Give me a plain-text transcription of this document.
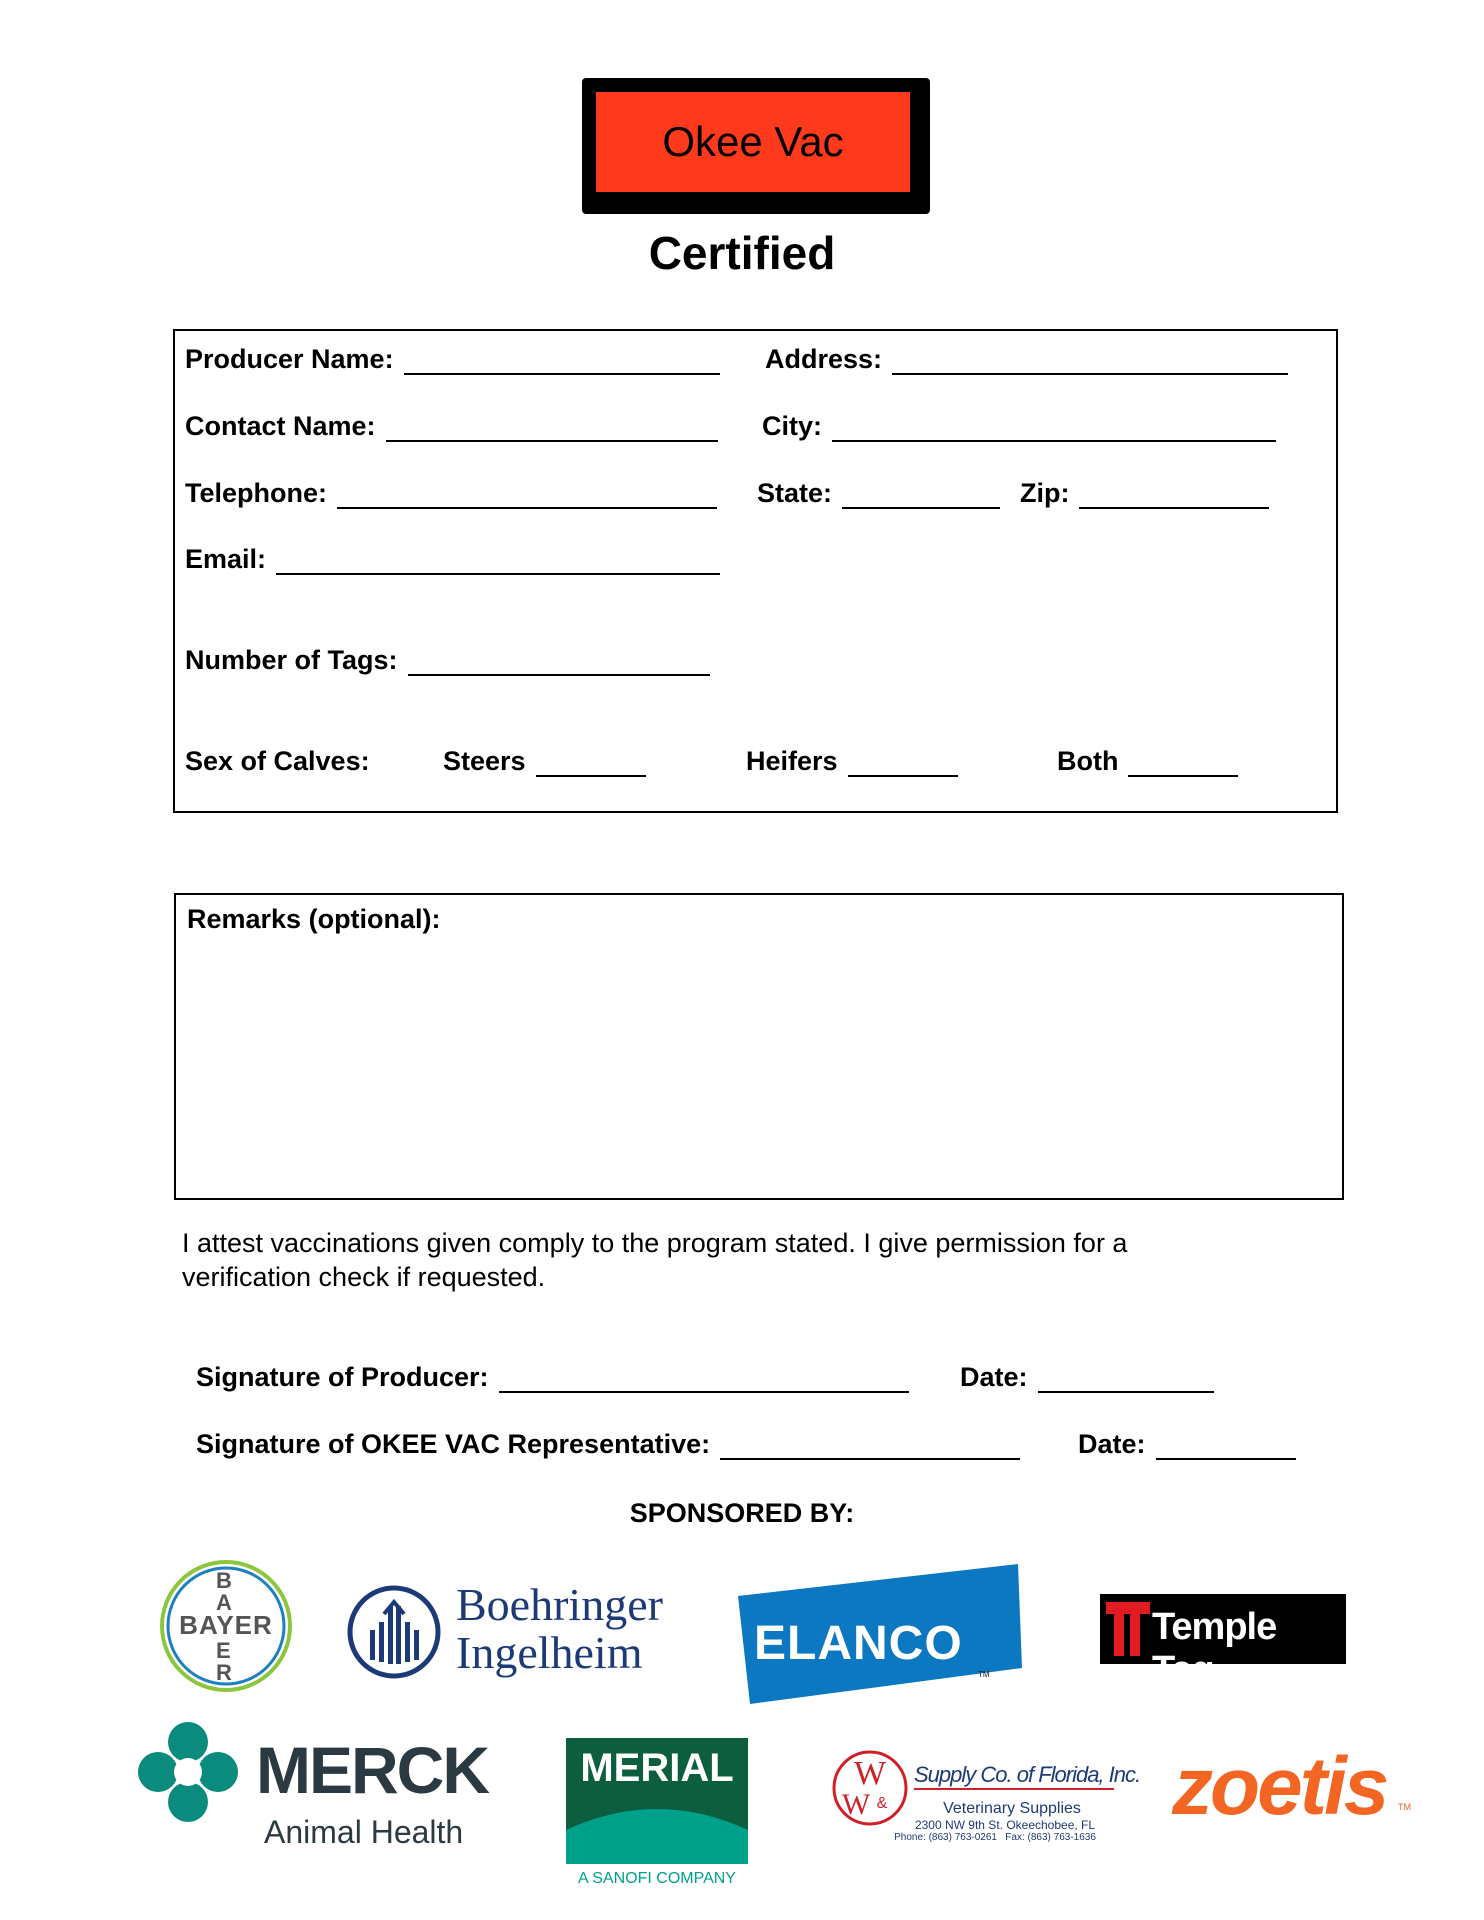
Okee Vac
Certified
Producer Name:	Address:
Contact Name:	City:
Telephone:	State:	Zip:
Email:
Number of Tags:
Sex of Calves:	Steers	Heifers	Both
Remarks (optional):
I attest vaccinations given comply to the program stated. I give permission for a verification check if requested.
Signature of Producer:	Date:
Signature of OKEE VAC Representative:	Date:
SPONSORED BY:
BAYER
B
A
E
R
Boehringer
Ingelheim ELANCO
TM
Temple Tag
MERCK
Animal Health
MERIAL
A SANOFI COMPANY
W
W &
Supply Co. of Florida, Inc.
Veterinary Supplies
2300 NW 9th St. Okeechobee, FL
Phone: (863) 763-0261   Fax: (863) 763-1636
zoetis TM
